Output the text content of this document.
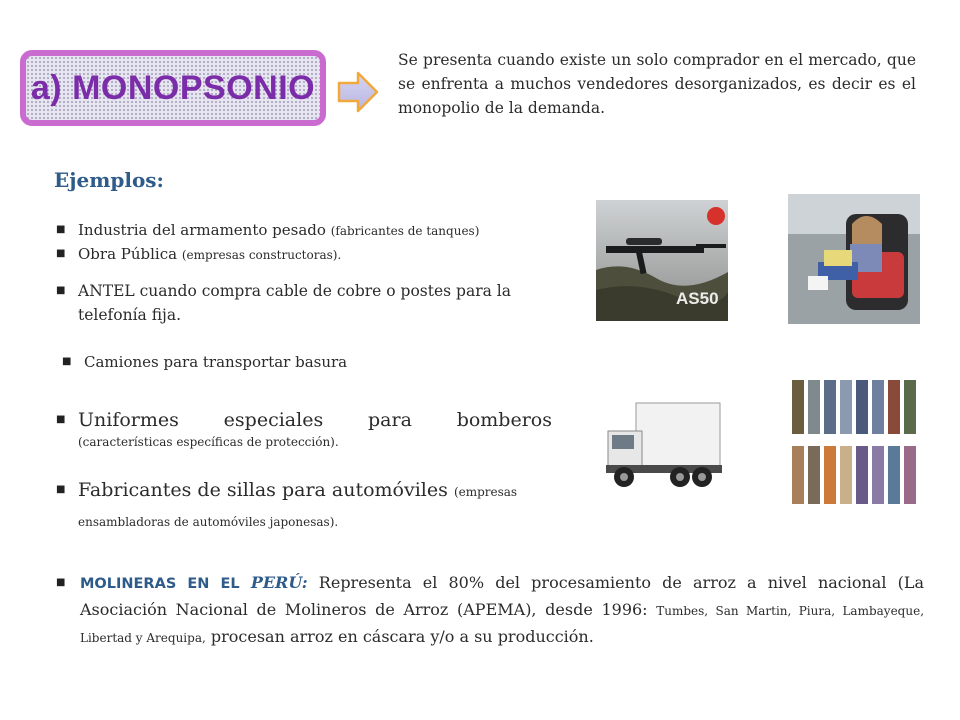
a) MONOPSONIO
Se presenta cuando existe un solo comprador en el mercado, que se enfrenta a muchos vendedores desorganizados, es decir es el monopolio de la demanda.
Ejemplos:
■ Industria del armamento pesado (fabricantes de tanques)
■ Obra Pública (empresas constructoras).
■ ANTEL cuando compra cable de cobre o postes para la telefonía fija.
■ Camiones para transportar basura
■ Uniformes especiales para bomberos
(características específicas de protección).
■ Fabricantes de sillas para automóviles (empresas ensambladoras de automóviles japonesas).
AS50
■	MOLINERAS EN EL PERÚ: Representa el 80% del procesamiento de arroz a nivel nacional (La Asociación Nacional de Molineros de Arroz (APEMA), desde 1996: Tumbes, San Martin, Piura, Lambayeque, Libertad y Arequipa, procesan arroz en cáscara y/o a su producción.
